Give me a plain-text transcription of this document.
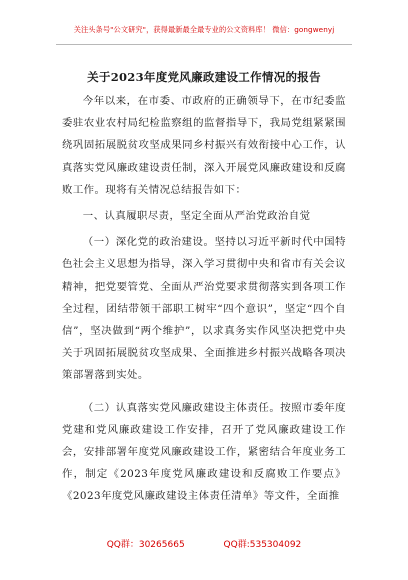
关注头条号"公文研究"，获得最新最全最专业的公文资料库！ 微信：gongwenyj
关于2023年度党风廉政建设工作情况的报告

今年以来，在市委、市政府的正确领导下，在市纪委监委驻农业农村局纪检监察组的监督指导下，我局党组紧紧围绕巩固拓展脱贫攻坚成果同乡村振兴有效衔接中心工作，认真落实党风廉政建设责任制，深入开展党风廉政建设和反腐败工作。现将有关情况总结报告如下：

一、认真履职尽责，坚定全面从严治党政治自觉

（一）深化党的政治建设。坚持以习近平新时代中国特色社会主义思想为指导，深入学习贯彻中央和省市有关会议精神，把党要管党、全面从严治党要求贯彻落实到各项工作全过程，团结带领干部职工树牢“四个意识”，坚定“四个自信”，坚决做到“两个维护”，以求真务实作风坚决把党中央关于巩固拓展脱贫攻坚成果、全面推进乡村振兴战略各项决策部署落到实处。

（二）认真落实党风廉政建设主体责任。按照市委年度党建和党风廉政建设工作安排，召开了党风廉政建设工作会，安排部署年度党风廉政建设工作，紧密结合年度业务工作，制定《2023年度党风廉政建设和反腐败工作要点》《2023年度党风廉政建设主体责任清单》等文件，全面推

QQ群：30265665	QQ群:535304092
